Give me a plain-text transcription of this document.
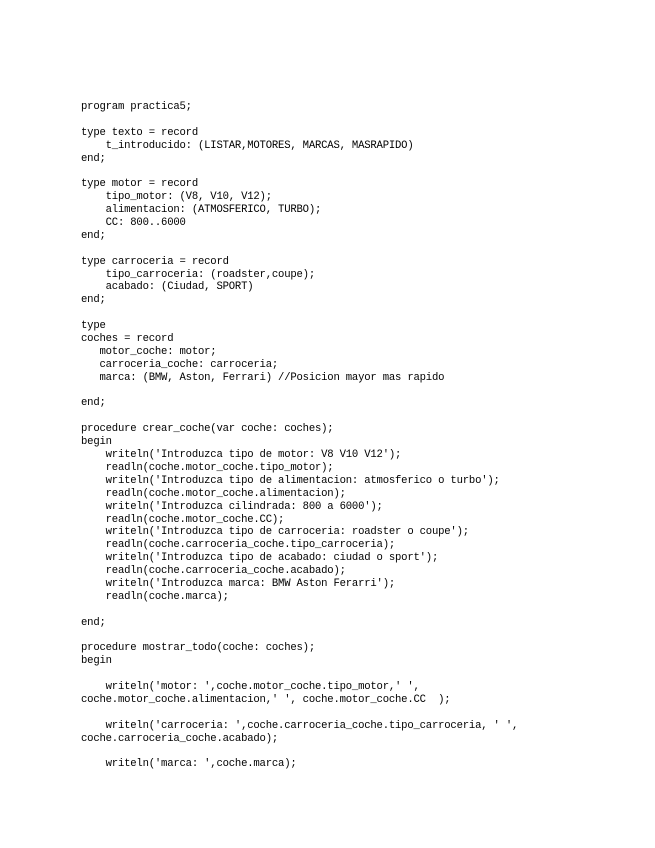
program practica5;
type texto = record
t_introducido: (LISTAR,MOTORES, MARCAS, MASRAPIDO)
end;
type motor = record
tipo_motor: (V8, V10, V12);
alimentacion: (ATMOSFERICO, TURBO);
CC: 800..6000
end;
type carroceria = record
tipo_carroceria: (roadster,coupe);
acabado: (Ciudad, SPORT)
end;
type
coches = record
motor_coche: motor;
carroceria_coche: carroceria;
marca: (BMW, Aston, Ferrari) //Posicion mayor mas rapido
end;
procedure crear_coche(var coche: coches);
begin
writeln('Introduzca tipo de motor: V8 V10 V12');
readln(coche.motor_coche.tipo_motor);
writeln('Introduzca tipo de alimentacion: atmosferico o turbo');
readln(coche.motor_coche.alimentacion);
writeln('Introduzca cilindrada: 800 a 6000');
readln(coche.motor_coche.CC);
writeln('Introduzca tipo de carroceria: roadster o coupe');
readln(coche.carroceria_coche.tipo_carroceria);
writeln('Introduzca tipo de acabado: ciudad o sport');
readln(coche.carroceria_coche.acabado);
writeln('Introduzca marca: BMW Aston Ferarri');
readln(coche.marca);
end;
procedure mostrar_todo(coche: coches);
begin
writeln('motor: ',coche.motor_coche.tipo_motor,' ',
coche.motor_coche.alimentacion,' ', coche.motor_coche.CC  );
writeln('carroceria: ',coche.carroceria_coche.tipo_carroceria, ' ',
coche.carroceria_coche.acabado);
writeln('marca: ',coche.marca);
